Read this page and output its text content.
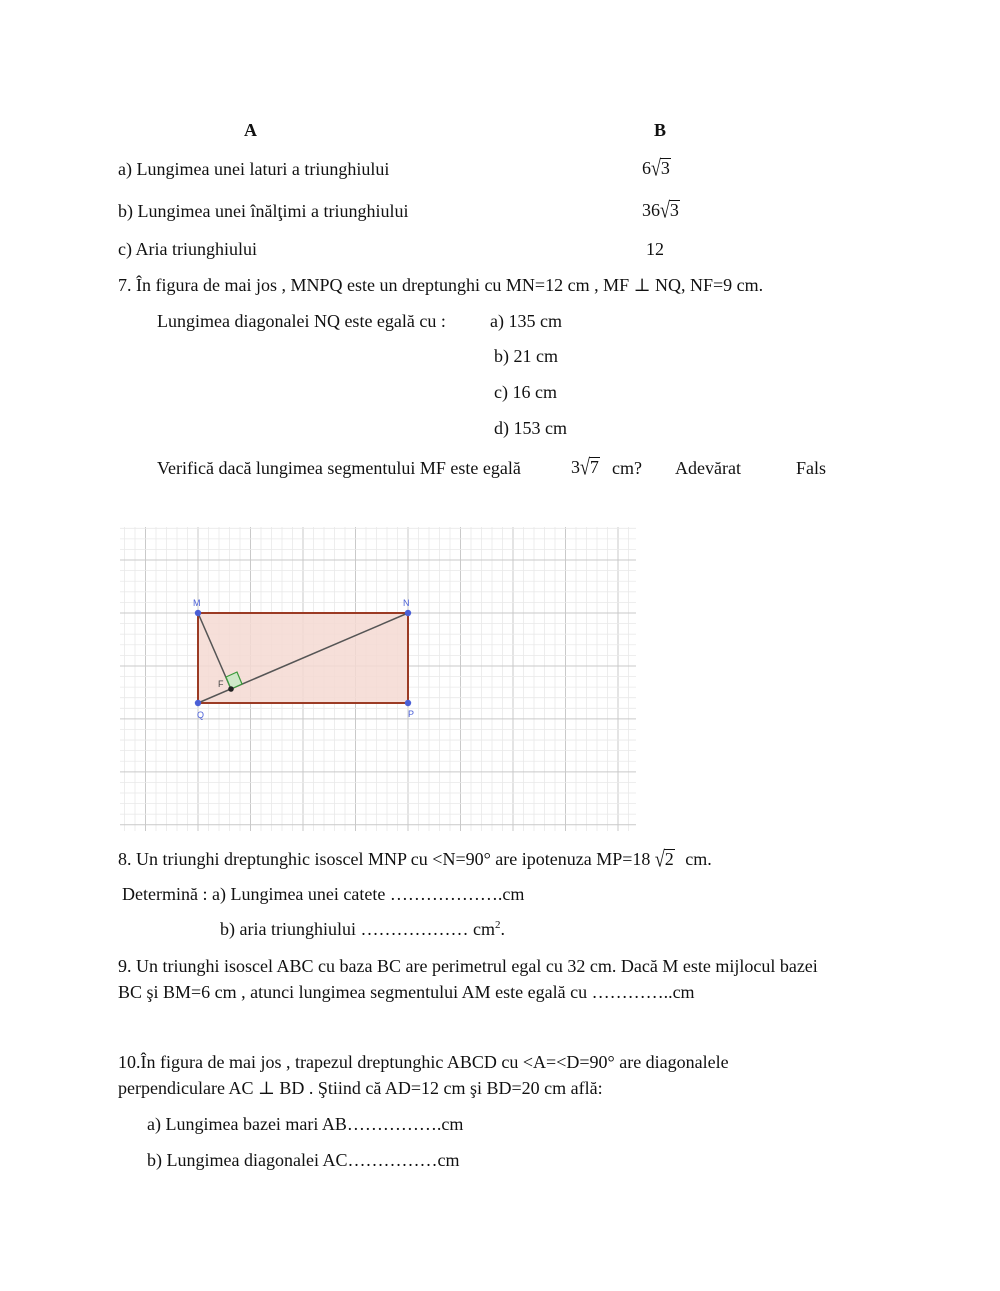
A	B
a) Lungimea unei laturi a triunghiului	6√3
b) Lungimea unei înălţimi a triunghiului	36√3
c) Aria triunghiului	12
7. În figura de mai jos , MNPQ este un dreptunghi cu MN=12 cm , MF ⊥ NQ, NF=9 cm.
Lungimea diagonalei NQ este egală cu : a) 135 cm
b) 21 cm
c) 16 cm
d) 153 cm
Verifică dacă lungimea segmentului MF este egală	3√7 cm? Adevărat	Fals
M	N
P
Q
F
8. Un triunghi dreptunghic isoscel MNP cu <N=90° are ipotenuza MP=18 √2 cm.
Determină : a) Lungimea unei catete ……………….cm
b) aria triunghiului ……………… $cm^2$.
9. Un triunghi isoscel ABC cu baza BC are perimetrul egal cu 32 cm. Dacă M este mijlocul bazei
BC şi BM=6 cm , atunci lungimea segmentului AM este egală cu …………..cm
10.În figura de mai jos , trapezul dreptunghic ABCD cu <A=<D=90° are diagonalele
perpendiculare AC ⊥ BD . Ştiind că AD=12 cm şi BD=20 cm află:
a) Lungimea bazei mari AB…………….cm
b) Lungimea diagonalei AC……………cm
